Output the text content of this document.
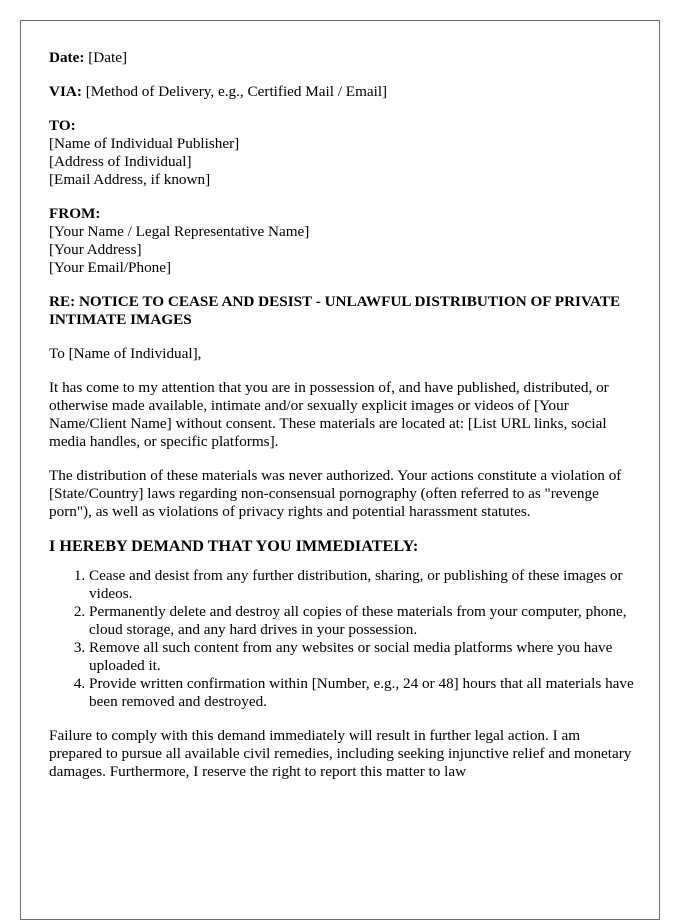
Date: [Date]

VIA: [Method of Delivery, e.g., Certified Mail / Email]

TO:
[Name of Individual Publisher]
[Address of Individual]
[Email Address, if known]
FROM:
[Your Name / Legal Representative Name]
[Your Address]
[Your Email/Phone]
RE: NOTICE TO CEASE AND DESIST - UNLAWFUL DISTRIBUTION OF PRIVATE INTIMATE IMAGES

To [Name of Individual],

It has come to my attention that you are in possession of, and have published, distributed, or otherwise made available, intimate and/or sexually explicit images or videos of [Your Name/Client Name] without consent. These materials are located at: [List URL links, social media handles, or specific platforms].

The distribution of these materials was never authorized. Your actions constitute a violation of [State/Country] laws regarding non-consensual pornography (often referred to as "revenge porn"), as well as violations of privacy rights and potential harassment statutes.

I HEREBY DEMAND THAT YOU IMMEDIATELY:
1. Cease and desist from any further distribution, sharing, or publishing of these images or videos.
2. Permanently delete and destroy all copies of these materials from your computer, phone, cloud storage, and any hard drives in your possession.
3. Remove all such content from any websites or social media platforms where you have uploaded it.
4. Provide written confirmation within [Number, e.g., 24 or 48] hours that all materials have been removed and destroyed.

Failure to comply with this demand immediately will result in further legal action. I am prepared to pursue all available civil remedies, including seeking injunctive relief and monetary damages. Furthermore, I reserve the right to report this matter to law
